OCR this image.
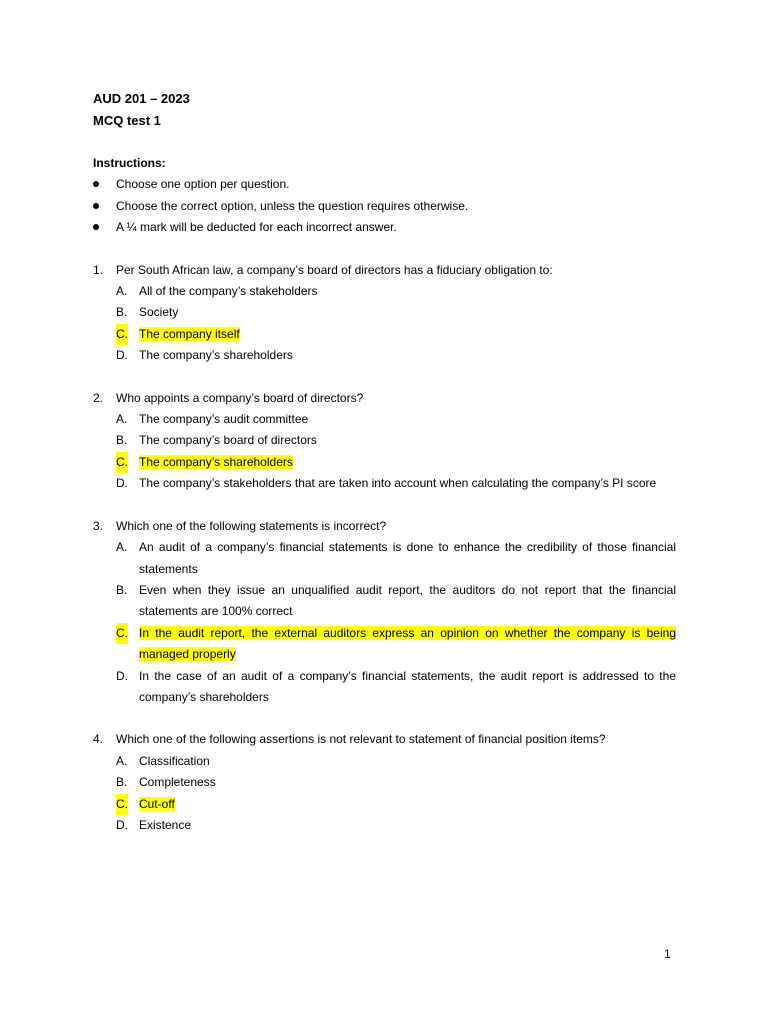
AUD 201 – 2023
MCQ test 1
Instructions:
Choose one option per question.
Choose the correct option, unless the question requires otherwise.
A ¼ mark will be deducted for each incorrect answer.
1. Per South African law, a company’s board of directors has a fiduciary obligation to:
A. All of the company’s stakeholders
B. Society
C. The company itself
D. The company’s shareholders
2. Who appoints a company’s board of directors?
A. The company’s audit committee
B. The company’s board of directors
C. The company’s shareholders
D. The company’s stakeholders that are taken into account when calculating the company’s PI score
3. Which one of the following statements is incorrect?
A. An audit of a company’s financial statements is done to enhance the credibility of those financial statements
B. Even when they issue an unqualified audit report, the auditors do not report that the financial statements are 100% correct
C. In the audit report, the external auditors express an opinion on whether the company is being managed properly
D. In the case of an audit of a company’s financial statements, the audit report is addressed to the company’s shareholders
4. Which one of the following assertions is not relevant to statement of financial position items?
A. Classification
B. Completeness
C. Cut-off
D. Existence
1
